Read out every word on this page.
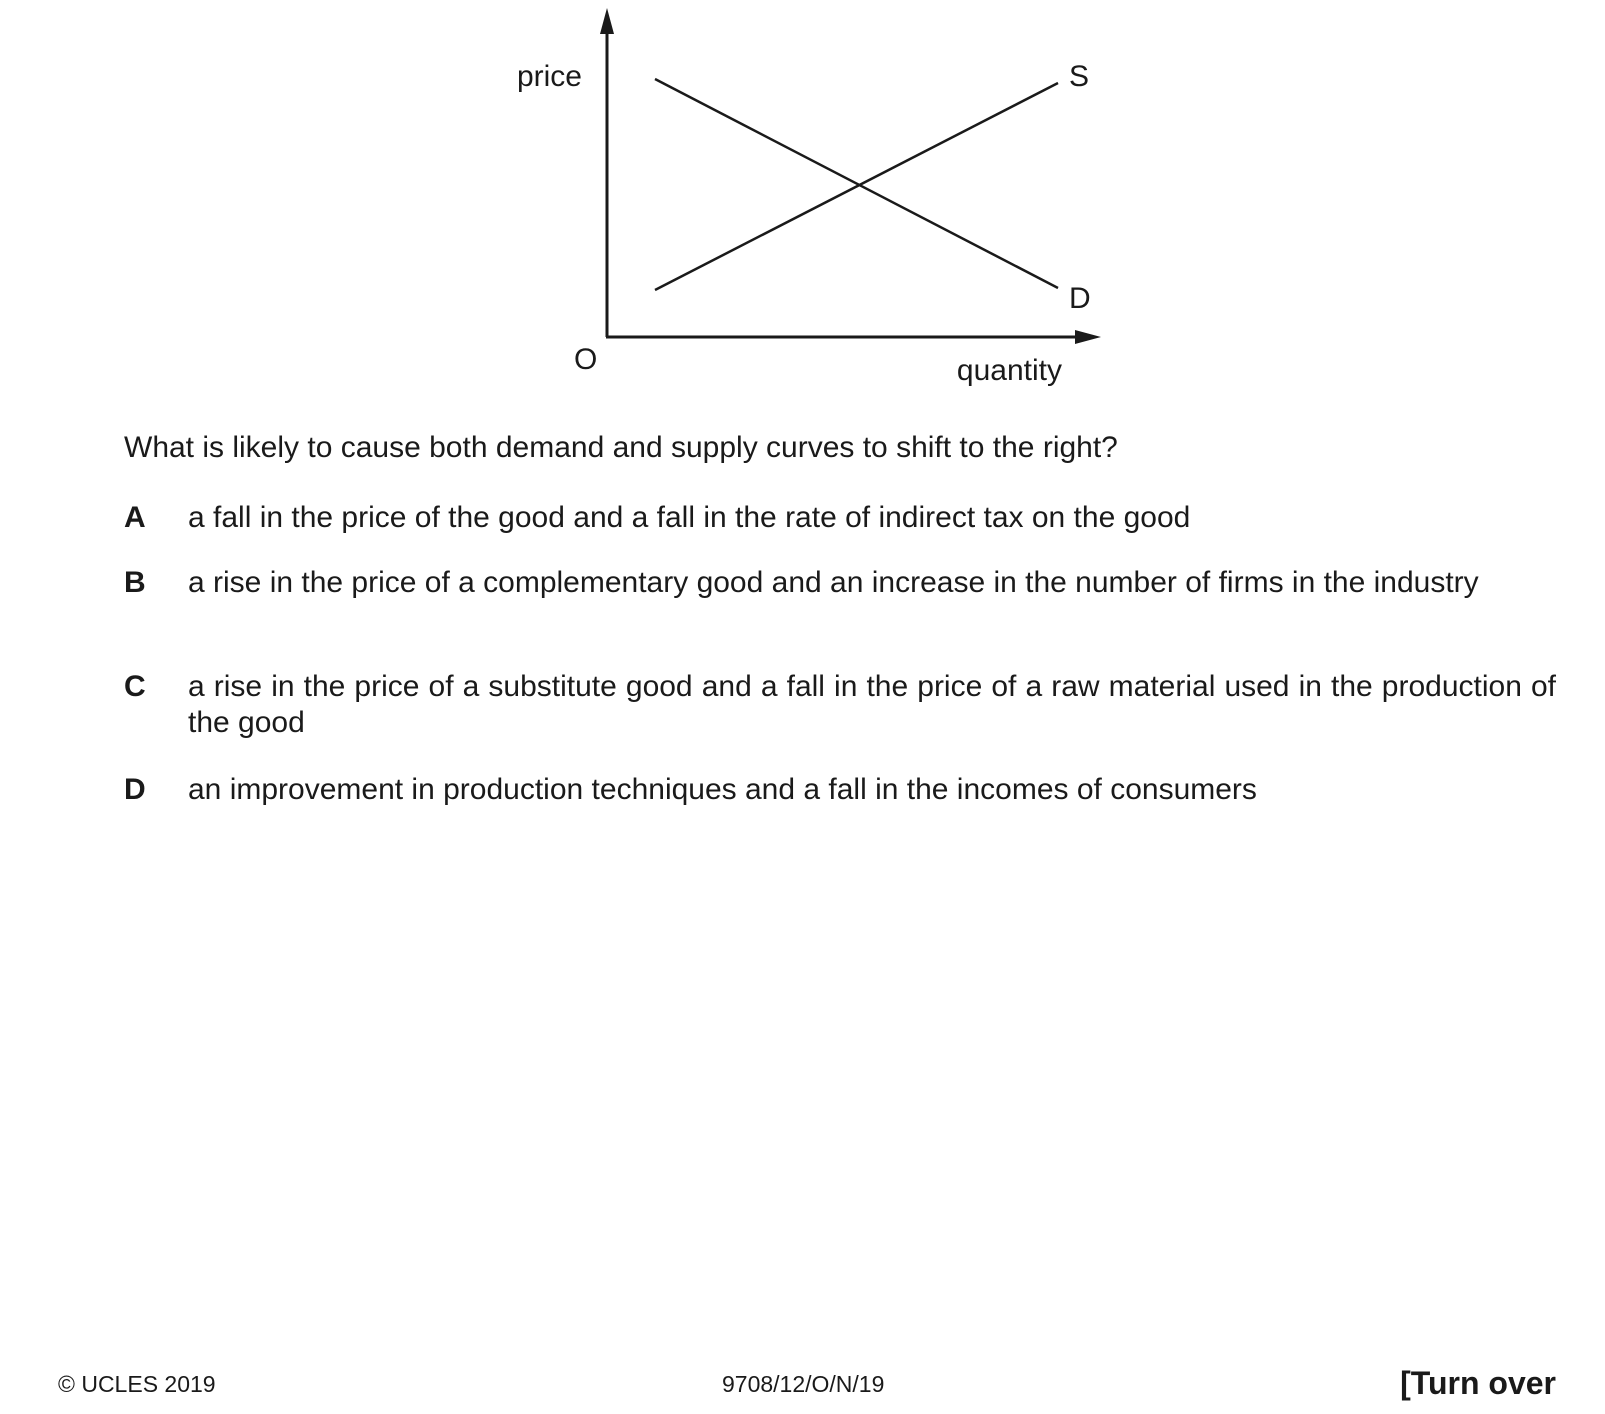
price
quantity
O
S
D
What is likely to cause both demand and supply curves to shift to the right?
A a fall in the price of the good and a fall in the rate of indirect tax on the good
B a rise in the price of a complementary good and an increase in the number of firms in the industry
C a rise in the price of a substitute good and a fall in the price of a raw material used in the production of the good
D an improvement in production techniques and a fall in the incomes of consumers
© UCLES 2019	9708/12/O/N/19	[Turn over
